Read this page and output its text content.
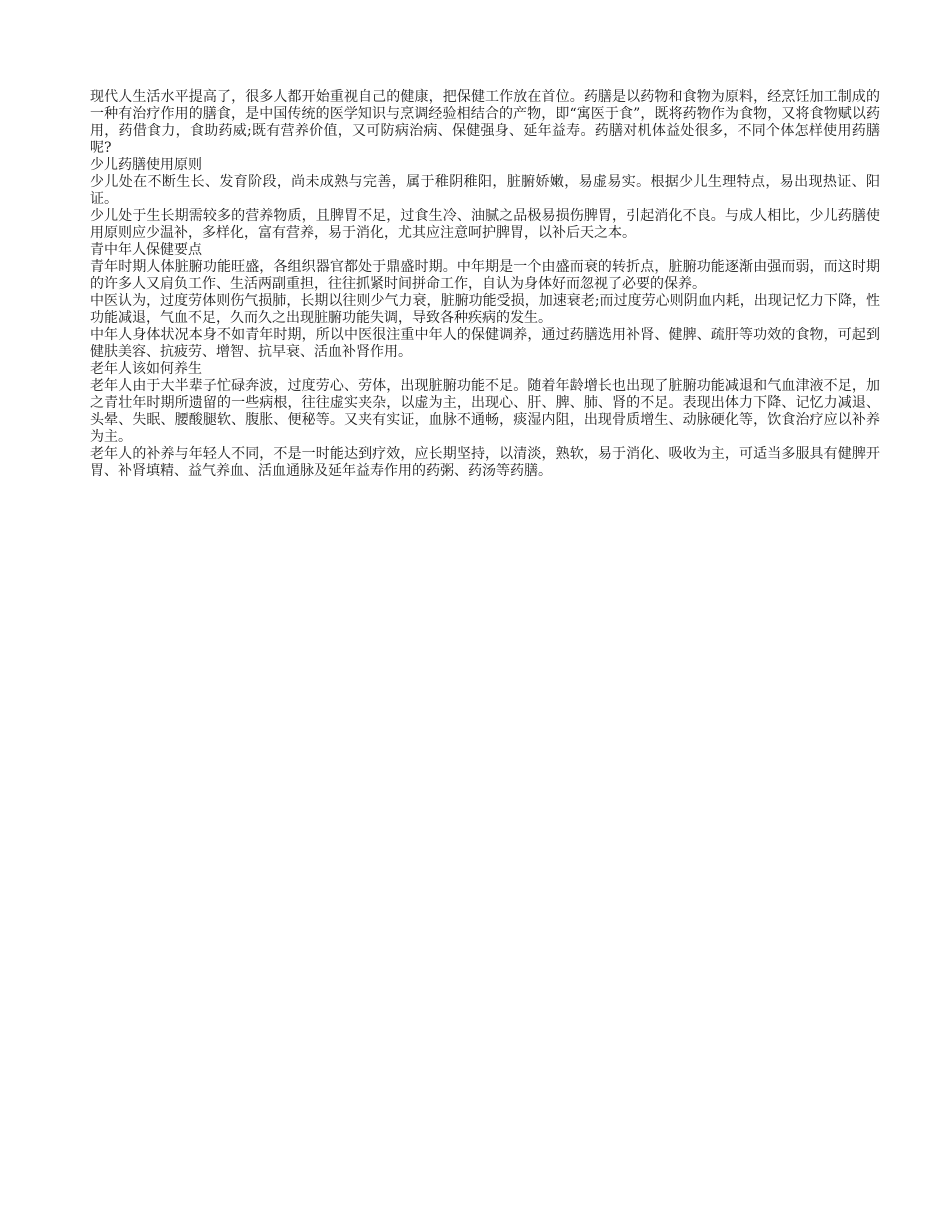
现代人生活水平提高了，很多人都开始重视自己的健康，把保健工作放在首位。药膳是以药物和食物为原料，经烹饪加工制成的一种有治疗作用的膳食，是中国传统的医学知识与烹调经验相结合的产物，即“寓医于食”，既将药物作为食物，又将食物赋以药用，药借食力，食助药威;既有营养价值，又可防病治病、保健强身、延年益寿。药膳对机体益处很多，不同个体怎样使用药膳呢?

少儿药膳使用原则

少儿处在不断生长、发育阶段，尚未成熟与完善，属于稚阴稚阳，脏腑娇嫩，易虚易实。根据少儿生理特点，易出现热证、阳证。

少儿处于生长期需较多的营养物质，且脾胃不足，过食生冷、油腻之品极易损伤脾胃，引起消化不良。与成人相比，少儿药膳使用原则应少温补，多样化，富有营养，易于消化，尤其应注意呵护脾胃，以补后天之本。

青中年人保健要点

青年时期人体脏腑功能旺盛，各组织器官都处于鼎盛时期。中年期是一个由盛而衰的转折点，脏腑功能逐渐由强而弱，而这时期的许多人又肩负工作、生活两副重担，往往抓紧时间拼命工作，自认为身体好而忽视了必要的保养。

中医认为，过度劳体则伤气损肺，长期以往则少气力衰，脏腑功能受损，加速衰老;而过度劳心则阴血内耗，出现记忆力下降，性功能减退，气血不足，久而久之出现脏腑功能失调，导致各种疾病的发生。

中年人身体状况本身不如青年时期，所以中医很注重中年人的保健调养，通过药膳选用补肾、健脾、疏肝等功效的食物，可起到健肤美容、抗疲劳、增智、抗早衰、活血补肾作用。

老年人该如何养生

老年人由于大半辈子忙碌奔波，过度劳心、劳体，出现脏腑功能不足。随着年龄增长也出现了脏腑功能减退和气血津液不足，加之青壮年时期所遗留的一些病根，往往虚实夹杂，以虚为主，出现心、肝、脾、肺、肾的不足。表现出体力下降、记忆力减退、头晕、失眠、腰酸腿软、腹胀、便秘等。又夹有实证，血脉不通畅，痰湿内阻，出现骨质增生、动脉硬化等，饮食治疗应以补养为主。

老年人的补养与年轻人不同，不是一时能达到疗效，应长期坚持，以清淡，熟软，易于消化、吸收为主，可适当多服具有健脾开胃、补肾填精、益气养血、活血通脉及延年益寿作用的药粥、药汤等药膳。
